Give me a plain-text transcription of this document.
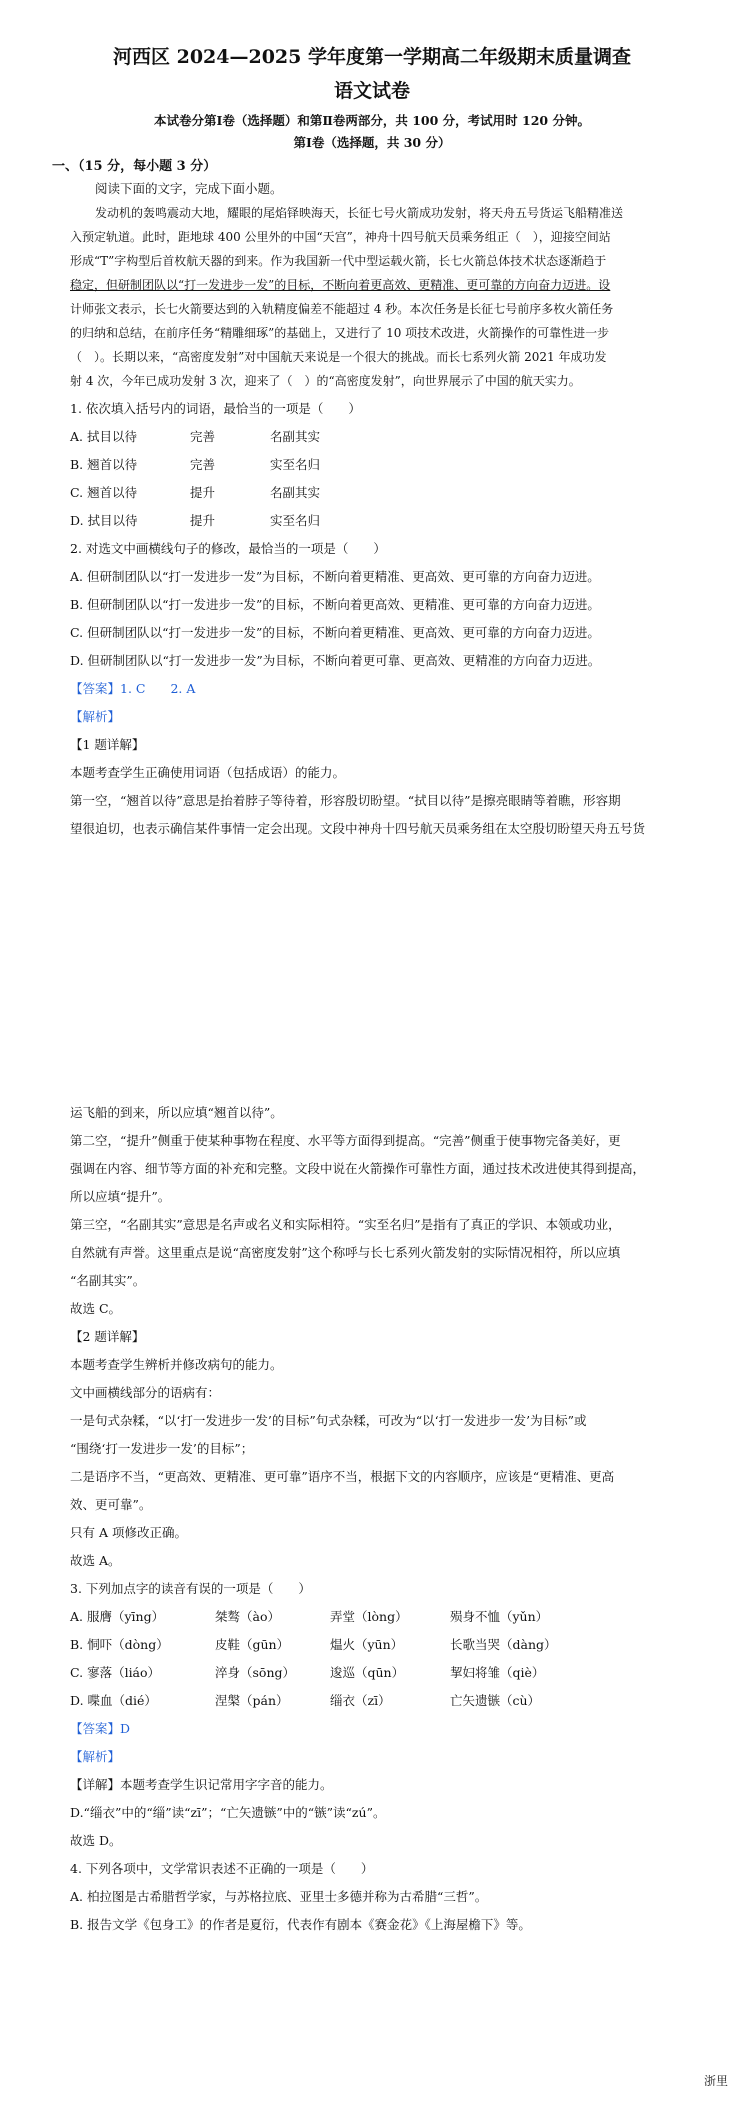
河西区 2024—2025 学年度第一学期高二年级期末质量调查
语文试卷
本试卷分第Ⅰ卷（选择题）和第Ⅱ卷两部分，共 100 分，考试用时 120 分钟。
第Ⅰ卷（选择题，共 30 分）
一、（15 分，每小题 3 分）
阅读下面的文字，完成下面小题。
发动机的轰鸣震动大地，耀眼的尾焰铎映海天，长征七号火箭成功发射，将天舟五号货运飞船精准送
入预定轨道。此时，距地球 400 公里外的中国“天宫”，神舟十四号航天员乘务组正（　），迎接空间站
形成“T”字构型后首枚航天器的到来。作为我国新一代中型运载火箭，长七火箭总体技术状态逐渐趋于
稳定，但研制团队以“打一发进步一发”的目标，不断向着更高效、更精准、更可靠的方向奋力迈进。设
计师张文表示，长七火箭要达到的入轨精度偏差不能超过 4 秒。本次任务是长征七号前序多枚火箭任务
的归纳和总结，在前序任务“精雕细琢”的基础上，又进行了 10 项技术改进，火箭操作的可靠性进一步
（　）。长期以来，“高密度发射”对中国航天来说是一个很大的挑战。而长七系列火箭 2021 年成功发
射 4 次，今年已成功发射 3 次，迎来了（　）的“高密度发射”，向世界展示了中国的航天实力。
1. 依次填入括号内的词语，最恰当的一项是（　　）
A. 拭目以待	完善	名副其实
B. 翘首以待	完善	实至名归
C. 翘首以待	提升	名副其实
D. 拭目以待	提升	实至名归
2. 对选文中画横线句子的修改，最恰当的一项是（　　）
A. 但研制团队以“打一发进步一发”为目标，不断向着更精准、更高效、更可靠的方向奋力迈进。
B. 但研制团队以“打一发进步一发”的目标，不断向着更高效、更精准、更可靠的方向奋力迈进。
C. 但研制团队以“打一发进步一发”的目标，不断向着更精准、更高效、更可靠的方向奋力迈进。
D. 但研制团队以“打一发进步一发”为目标，不断向着更可靠、更高效、更精准的方向奋力迈进。
【答案】1. C　　2. A
【解析】
【1 题详解】
本题考查学生正确使用词语（包括成语）的能力。
第一空，“翘首以待”意思是抬着脖子等待着，形容殷切盼望。“拭目以待”是擦亮眼睛等着瞧，形容期
望很迫切，也表示确信某件事情一定会出现。文段中神舟十四号航天员乘务组在太空殷切盼望天舟五号货
运飞船的到来，所以应填“翘首以待”。
第二空，“提升”侧重于使某种事物在程度、水平等方面得到提高。“完善”侧重于使事物完备美好，更
强调在内容、细节等方面的补充和完整。文段中说在火箭操作可靠性方面，通过技术改进使其得到提高，
所以应填“提升”。
第三空，“名副其实”意思是名声或名义和实际相符。“实至名归”是指有了真正的学识、本领或功业，
自然就有声誉。这里重点是说“高密度发射”这个称呼与长七系列火箭发射的实际情况相符，所以应填
“名副其实”。
故选 C。
【2 题详解】
本题考查学生辨析并修改病句的能力。
文中画横线部分的语病有：
一是句式杂糅，“以‘打一发进步一发’的目标”句式杂糅，可改为“以‘打一发进步一发’为目标”或
“围绕‘打一发进步一发’的目标”；
二是语序不当，“更高效、更精准、更可靠”语序不当，根据下文的内容顺序，应该是“更精准、更高
效、更可靠”。
只有 A 项修改正确。
故选 A。
3. 下列加点字的读音有误的一项是（　　）
A. 服膺（yīng）	桀骜（ào）	弄堂（lòng）	殒身不恤（yǔn）
B. 恫吓（dòng）	皮鞋（gūn）	煴火（yūn）	长歌当哭（dàng）
C. 寥落（liáo）	淬身（sōng）	逡巡（qūn）	挈妇将雏（qiè）
D. 喋血（dié）	涅槃（pán）	缁衣（zī）	亡矢遗镞（cù）
【答案】D
【解析】
【详解】本题考查学生识记常用字字音的能力。
D.“缁衣”中的“缁”读“zī”；“亡矢遗镞”中的“镞”读“zú”。
故选 D。
4. 下列各项中，文学常识表述不正确的一项是（　　）
A. 柏拉图是古希腊哲学家，与苏格拉底、亚里士多德并称为古希腊“三哲”。
B. 报告文学《包身工》的作者是夏衍，代表作有剧本《赛金花》《上海屋檐下》等。
浙里
